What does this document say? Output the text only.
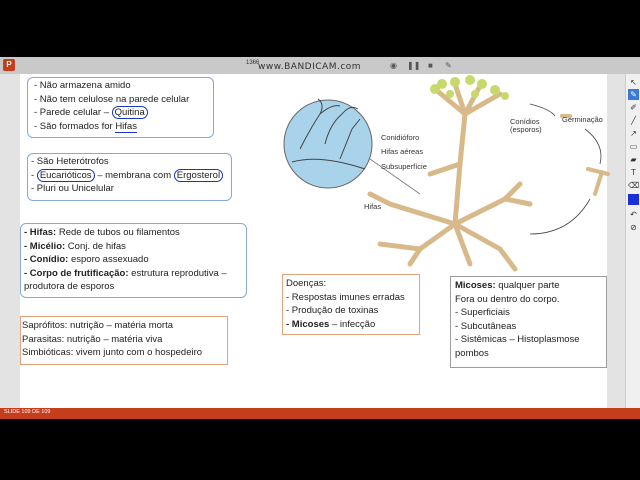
P	1366
www.BANDICAM.com	◉ ❚❚ ■ ✎
↖
✎
✐
╱
↗
▭
▰
T
⌫
↶
⊘
- Não armazena amido
- Não tem celulose na parede celular
- Parede celular – Quitina
- São formados for Hifas
- São Heterótrofos
- Eucarióticos – membrana com Ergosterol
- Pluri ou Unicelular
- Hifas: Rede de tubos ou filamentos
- Micélio: Conj. de hifas
- Conídio: esporo assexuado
- Corpo de frutificação: estrutura reprodutiva –
produtora de esporos
Saprófitos: nutrição – matéria morta
Parasitas: nutrição – matéria viva
Simbióticas: vivem junto com o hospedeiro
Doenças:
- Respostas imunes erradas
- Produção de toxinas
- Micoses – infecção
Micoses: qualquer parte
Fora ou dentro do corpo.
- Superficiais
- Subcutâneas
- Sistêmicas – Histoplasmose
pombos
Conidióforo
Hifas aéreas
Subsuperfície
Hifas
Conídios
(esporos)
Germinação
SLIDE 109 DE 109
